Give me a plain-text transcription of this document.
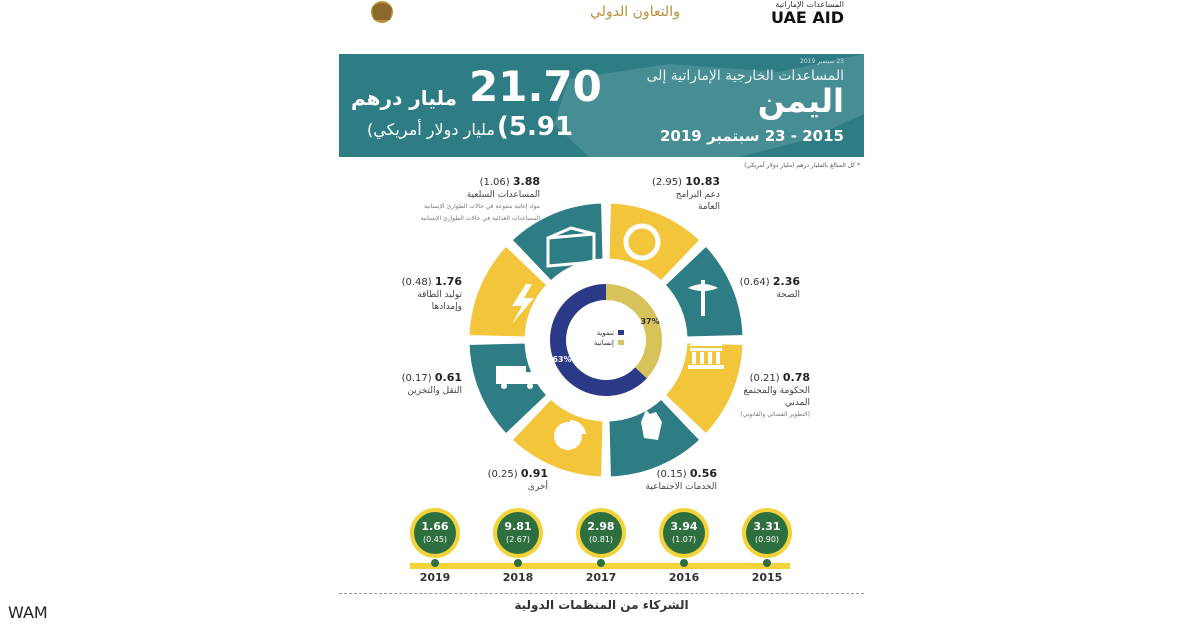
والتعاون الدولي	المساعدات الإماراتية
UAE AID
23 سبتمبر 2019
المساعدات الخارجية الإماراتية إلى
اليمن
2015 - 23 سبتمبر 2019
21.70
مليار درهم
(5.91
مليار دولار أمريكي)
* كل المبالغ بالمليار درهم (مليار دولار أمريكي)
37%
63%
تنموية
إنسانية
10.83 (2.95)
دعم البرامج العامة
2.36 (0.64)
الصحة
0.78 (0.21)
الحكومة والمجتمع المدني
(التطوير القضائي والقانوني)
0.56 (0.15)
الخدمات الاجتماعية
0.91 (0.25)
أخرى
0.61 (0.17)
النقل والتخزين
1.76 (0.48)
توليد الطاقة وإمدادها
3.88 (1.06)
المساعدات السلعية
مواد إغاثية متنوعة في حالات الطوارئ الإنسانية
المساعدات الغذائية في حالات الطوارئ الإنسانية
1.66
(0.45)
2019
9.81
(2.67)
2018
2.98
(0.81)
2017
3.94
(1.07)
2016
3.31
(0.90)
2015
الشركاء من المنظمات الدولية
WAM
